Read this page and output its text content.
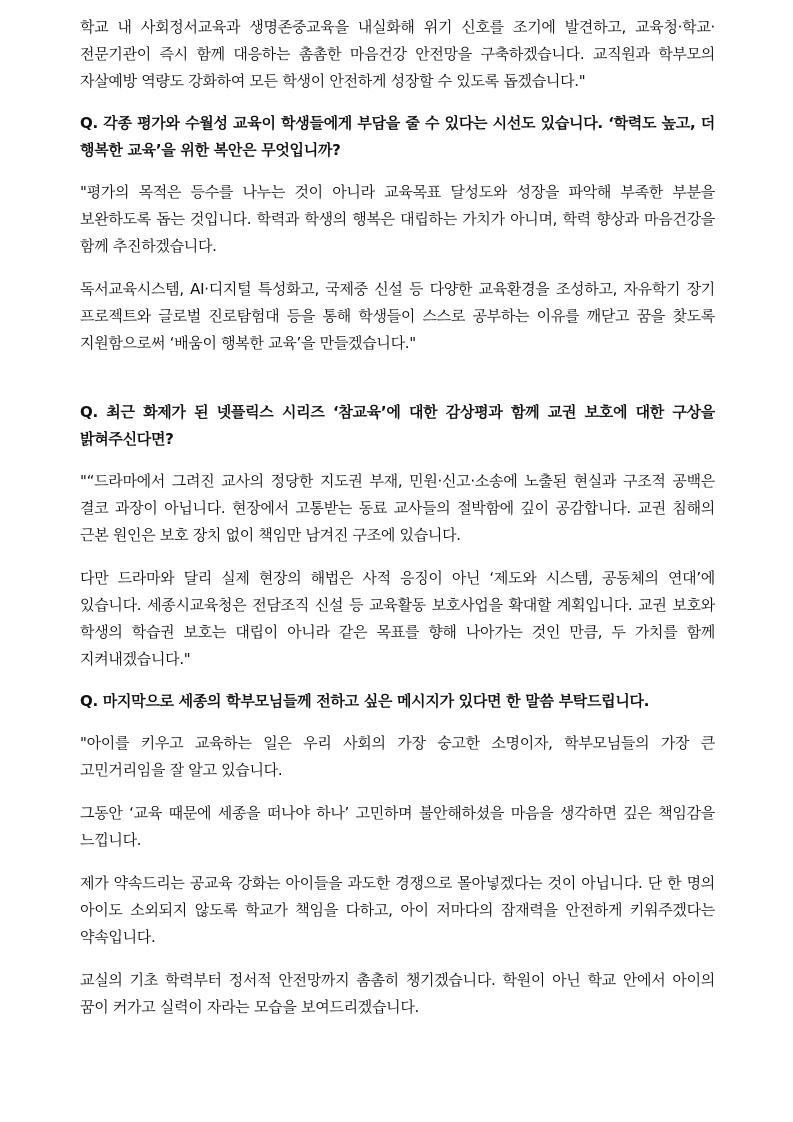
학교 내 사회정서교육과 생명존중교육을 내실화해 위기 신호를 조기에 발견하고, 교육청·학교·전문기관이 즉시 함께 대응하는 촘촘한 마음건강 안전망을 구축하겠습니다. 교직원과 학부모의 자살예방 역량도 강화하여 모든 학생이 안전하게 성장할 수 있도록 돕겠습니다."

Q. 각종 평가와 수월성 교육이 학생들에게 부담을 줄 수 있다는 시선도 있습니다. ‘학력도 높고, 더 행복한 교육’을 위한 복안은 무엇입니까?

"평가의 목적은 등수를 나누는 것이 아니라 교육목표 달성도와 성장을 파악해 부족한 부분을 보완하도록 돕는 것입니다. 학력과 학생의 행복은 대립하는 가치가 아니며, 학력 향상과 마음건강을 함께 추진하겠습니다.

독서교육시스템, AI·디지털 특성화고, 국제중 신설 등 다양한 교육환경을 조성하고, 자유학기 장기 프로젝트와 글로벌 진로탐험대 등을 통해 학생들이 스스로 공부하는 이유를 깨닫고 꿈을 찾도록 지원함으로써 ‘배움이 행복한 교육’을 만들겠습니다."

Q. 최근 화제가 된 넷플릭스 시리즈 ‘참교육’에 대한 감상평과 함께 교권 보호에 대한 구상을 밝혀주신다면?

"“드라마에서 그려진 교사의 정당한 지도권 부재, 민원·신고·소송에 노출된 현실과 구조적 공백은 결코 과장이 아닙니다. 현장에서 고통받는 동료 교사들의 절박함에 깊이 공감합니다. 교권 침해의 근본 원인은 보호 장치 없이 책임만 남겨진 구조에 있습니다.

다만 드라마와 달리 실제 현장의 해법은 사적 응징이 아닌 ‘제도와 시스템, 공동체의 연대’에 있습니다. 세종시교육청은 전담조직 신설 등 교육활동 보호사업을 확대할 계획입니다. 교권 보호와 학생의 학습권 보호는 대립이 아니라 같은 목표를 향해 나아가는 것인 만큼, 두 가치를 함께 지켜내겠습니다."

Q. 마지막으로 세종의 학부모님들께 전하고 싶은 메시지가 있다면 한 말씀 부탁드립니다.

"아이를 키우고 교육하는 일은 우리 사회의 가장 숭고한 소명이자, 학부모님들의 가장 큰 고민거리임을 잘 알고 있습니다.

그동안 ‘교육 때문에 세종을 떠나야 하나’ 고민하며 불안해하셨을 마음을 생각하면 깊은 책임감을 느낍니다.

제가 약속드리는 공교육 강화는 아이들을 과도한 경쟁으로 몰아넣겠다는 것이 아닙니다. 단 한 명의 아이도 소외되지 않도록 학교가 책임을 다하고, 아이 저마다의 잠재력을 안전하게 키워주겠다는 약속입니다.

교실의 기초 학력부터 정서적 안전망까지 촘촘히 챙기겠습니다. 학원이 아닌 학교 안에서 아이의 꿈이 커가고 실력이 자라는 모습을 보여드리겠습니다.
